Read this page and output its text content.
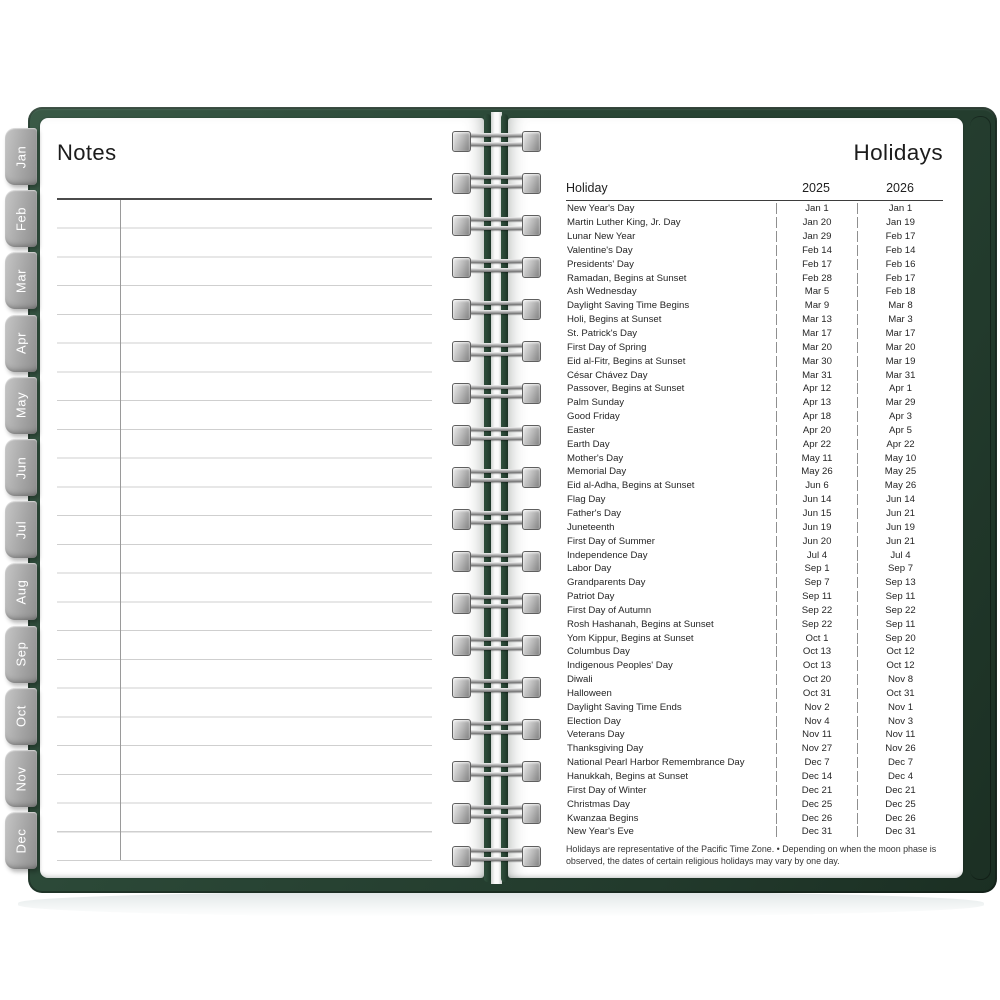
Notes	Holidays
Holiday	2025	2026
New Year's Day	Jan 1	Jan 1
Martin Luther King, Jr. Day	Jan 20	Jan 19
Lunar New Year	Jan 29	Feb 17
Valentine's Day	Feb 14	Feb 14
Presidents' Day	Feb 17	Feb 16
Ramadan, Begins at Sunset	Feb 28	Feb 17
Ash Wednesday	Mar 5	Feb 18
Daylight Saving Time Begins	Mar 9	Mar 8
Holi, Begins at Sunset	Mar 13	Mar 3
St. Patrick's Day	Mar 17	Mar 17
First Day of Spring	Mar 20	Mar 20
Eid al-Fitr, Begins at Sunset	Mar 30	Mar 19
César Chávez Day	Mar 31	Mar 31
Passover, Begins at Sunset	Apr 12	Apr 1
Palm Sunday	Apr 13	Mar 29
Good Friday	Apr 18	Apr 3
Easter	Apr 20	Apr 5
Earth Day	Apr 22	Apr 22
Mother's Day	May 11	May 10
Memorial Day	May 26	May 25
Eid al-Adha, Begins at Sunset	Jun 6	May 26
Flag Day	Jun 14	Jun 14
Father's Day	Jun 15	Jun 21
Juneteenth	Jun 19	Jun 19
First Day of Summer	Jun 20	Jun 21
Independence Day	Jul 4	Jul 4
Labor Day	Sep 1	Sep 7
Grandparents Day	Sep 7	Sep 13
Patriot Day	Sep 11	Sep 11
First Day of Autumn	Sep 22	Sep 22
Rosh Hashanah, Begins at Sunset	Sep 22	Sep 11
Yom Kippur, Begins at Sunset	Oct 1	Sep 20
Columbus Day	Oct 13	Oct 12
Indigenous Peoples' Day	Oct 13	Oct 12
Diwali	Oct 20	Nov 8
Halloween	Oct 31	Oct 31
Daylight Saving Time Ends	Nov 2	Nov 1
Election Day	Nov 4	Nov 3
Veterans Day	Nov 11	Nov 11
Thanksgiving Day	Nov 27	Nov 26
National Pearl Harbor Remembrance Day	Dec 7	Dec 7
Hanukkah, Begins at Sunset	Dec 14	Dec 4
First Day of Winter	Dec 21	Dec 21
Christmas Day	Dec 25	Dec 25
Kwanzaa Begins	Dec 26	Dec 26
New Year's Eve	Dec 31	Dec 31
Holidays are representative of the Pacific Time Zone. • Depending on when the moon phase is observed, the dates of certain religious holidays may vary by one day.
Jan
Feb
Mar
Apr
May
Jun
Jul
Aug
Sep
Oct
Nov
Dec
